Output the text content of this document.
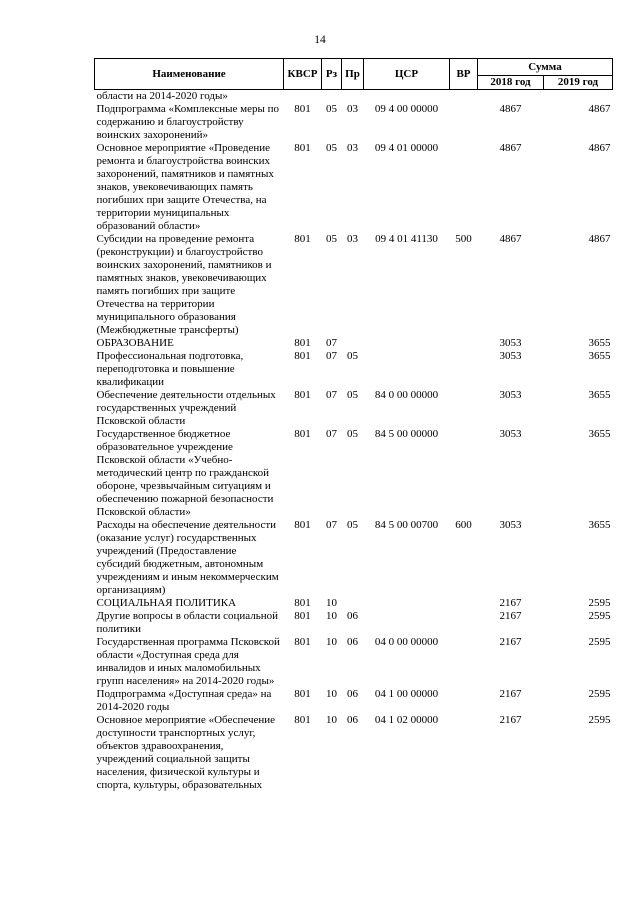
14
Наименование	КВСР	Рз	Пр	ЦСР	ВР	Сумма	
						2018 год	2019 год
области на 2014-2020 годы»							
Подпрограмма «Комплексные меры по содержанию и благоустройству воинских захоронений»	801	05	03	09 4 00 00000		4867	4867
Основное мероприятие «Проведение ремонта и благоустройства воинских захоронений, памятников и памятных знаков, увековечивающих память погибших при защите Отечества, на территории муниципальных образований области»	801	05	03	09 4 01 00000		4867	4867
Субсидии на проведение ремонта (реконструкции) и благоустройство воинских захоронений, памятников и памятных знаков, увековечивающих память погибших при защите Отечества на территории муниципального образования (Межбюджетные трансферты)	801	05	03	09 4 01 41130	500	4867	4867
ОБРАЗОВАНИЕ	801	07				3053	3655
Профессиональная подготовка, переподготовка и повышение квалификации	801	07	05			3053	3655
Обеспечение деятельности отдельных государственных учреждений Псковской области	801	07	05	84 0 00 00000		3053	3655
Государственное бюджетное образовательное учреждение Псковской области «Учебно-методический центр по гражданской обороне, чрезвычайным ситуациям и обеспечению пожарной безопасности Псковской области»	801	07	05	84 5 00 00000		3053	3655
Расходы на обеспечение деятельности (оказание услуг) государственных учреждений (Предоставление субсидий бюджетным, автономным учреждениям и иным некоммерческим организациям)	801	07	05	84 5 00 00700	600	3053	3655
СОЦИАЛЬНАЯ ПОЛИТИКА	801	10				2167	2595
Другие вопросы в области социальной политики	801	10	06			2167	2595
Государственная программа Псковской области «Доступная среда для инвалидов и иных маломобильных групп населения» на 2014-2020 годы»	801	10	06	04 0 00 00000		2167	2595
Подпрограмма «Доступная среда» на 2014-2020 годы	801	10	06	04 1 00 00000		2167	2595
Основное мероприятие «Обеспечение доступности транспортных услуг, объектов здравоохранения, учреждений социальной защиты населения, физической культуры и спорта, культуры, образовательных	801	10	06	04 1 02 00000		2167	2595
